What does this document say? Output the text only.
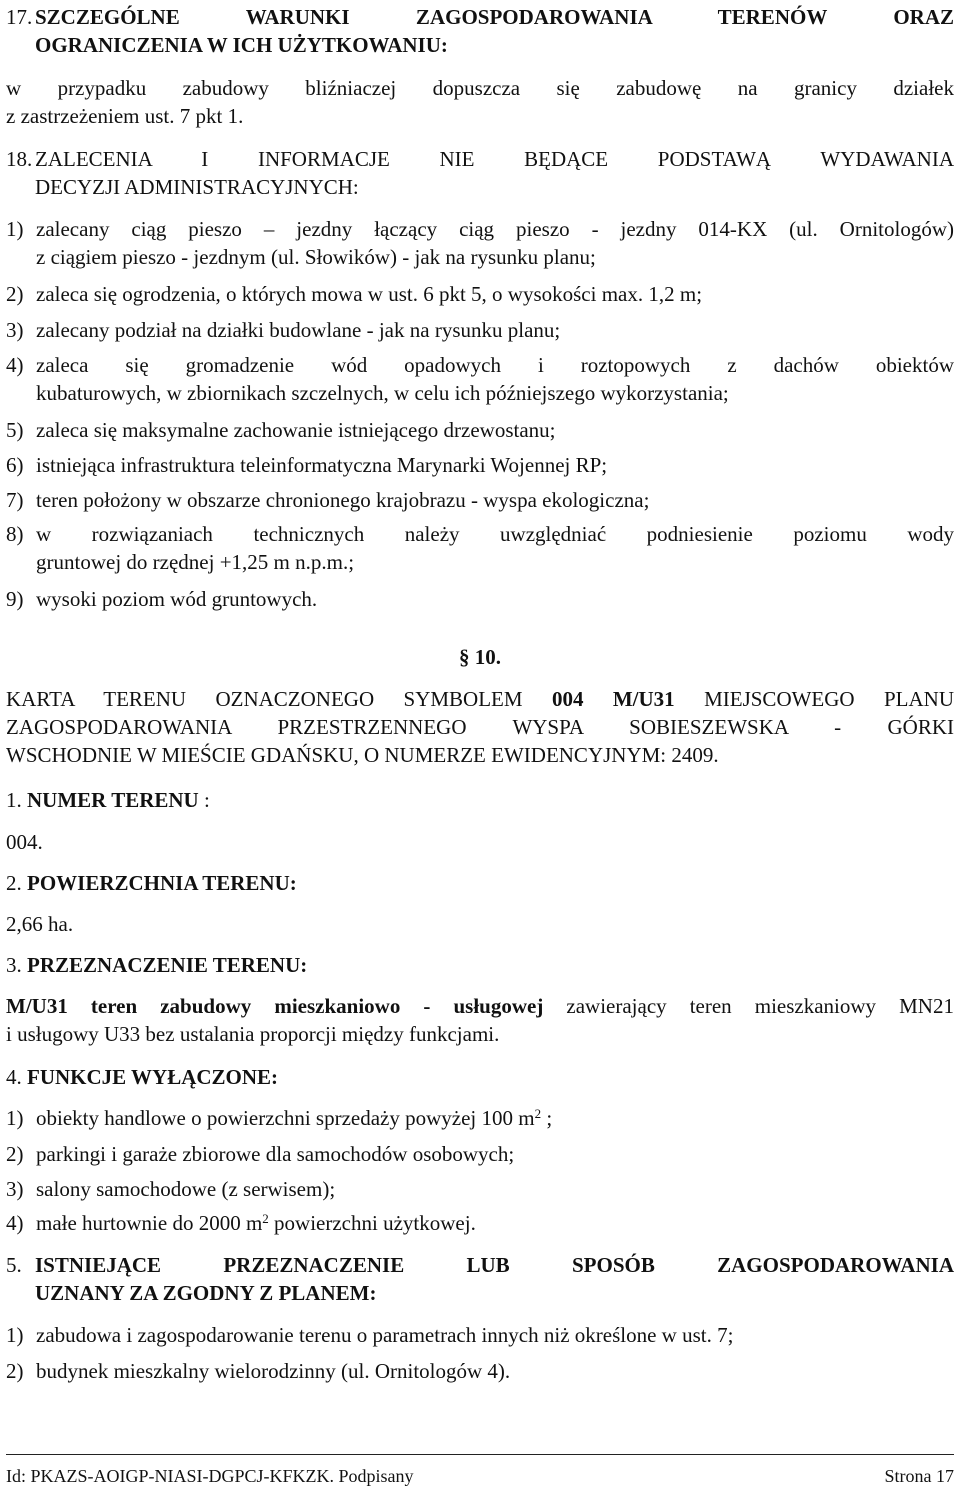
17. SZCZEGÓLNE WARUNKI ZAGOSPODAROWANIA TERENÓW ORAZ
OGRANICZENIA W ICH UŻYTKOWANIU:
w przypadku zabudowy bliźniaczej dopuszcza się zabudowę na granicy działek
z zastrzeżeniem ust. 7 pkt 1.
18. ZALECENIA I INFORMACJE NIE BĘDĄCE PODSTAWĄ WYDAWANIA
DECYZJI ADMINISTRACYJNYCH:
1) zalecany ciąg pieszo – jezdny łączący ciąg pieszo - jezdny 014-KX (ul. Ornitologów)
z ciągiem pieszo - jezdnym (ul. Słowików) - jak na rysunku planu;
2) zaleca się ogrodzenia, o których mowa w ust. 6 pkt 5, o wysokości max. 1,2 m;
3) zalecany podział na działki budowlane - jak na rysunku planu;
4) zaleca się gromadzenie wód opadowych i roztopowych z dachów obiektów
kubaturowych, w zbiornikach szczelnych, w celu ich późniejszego wykorzystania;
5) zaleca się maksymalne zachowanie istniejącego drzewostanu;
6) istniejąca infrastruktura teleinformatyczna Marynarki Wojennej RP;
7) teren położony w obszarze chronionego krajobrazu - wyspa ekologiczna;
8) w rozwiązaniach technicznych należy uwzględniać podniesienie poziomu wody
gruntowej do rzędnej +1,25 m n.p.m.;
9) wysoki poziom wód gruntowych.
§ 10.
KARTA TERENU OZNACZONEGO SYMBOLEM 004 M/U31 MIEJSCOWEGO PLANU
ZAGOSPODAROWANIA PRZESTRZENNEGO WYSPA SOBIESZEWSKA - GÓRKI
WSCHODNIE W MIEŚCIE GDAŃSKU, O NUMERZE EWIDENCYJNYM: 2409.
1. NUMER TERENU :
004.
2. POWIERZCHNIA TERENU:
2,66 ha.
3. PRZEZNACZENIE TERENU:
M/U31 teren zabudowy mieszkaniowo - usługowej zawierający teren mieszkaniowy MN21
i usługowy U33 bez ustalania proporcji między funkcjami.
4. FUNKCJE WYŁĄCZONE:
1) obiekty handlowe o powierzchni sprzedaży powyżej 100 $m^2$ ;
2) parkingi i garaże zbiorowe dla samochodów osobowych;
3) salony samochodowe (z serwisem);
4) małe hurtownie do 2000 $m^2$ powierzchni użytkowej.
5. ISTNIEJĄCE PRZEZNACZENIE LUB SPOSÓB ZAGOSPODAROWANIA
UZNANY ZA ZGODNY Z PLANEM:
1) zabudowa i zagospodarowanie terenu o parametrach innych niż określone w ust. 7;
2) budynek mieszkalny wielorodzinny (ul. Ornitologów 4).
Id: PKAZS-AOIGP-NIASI-DGPCJ-KFKZK. Podpisany	Strona 17
